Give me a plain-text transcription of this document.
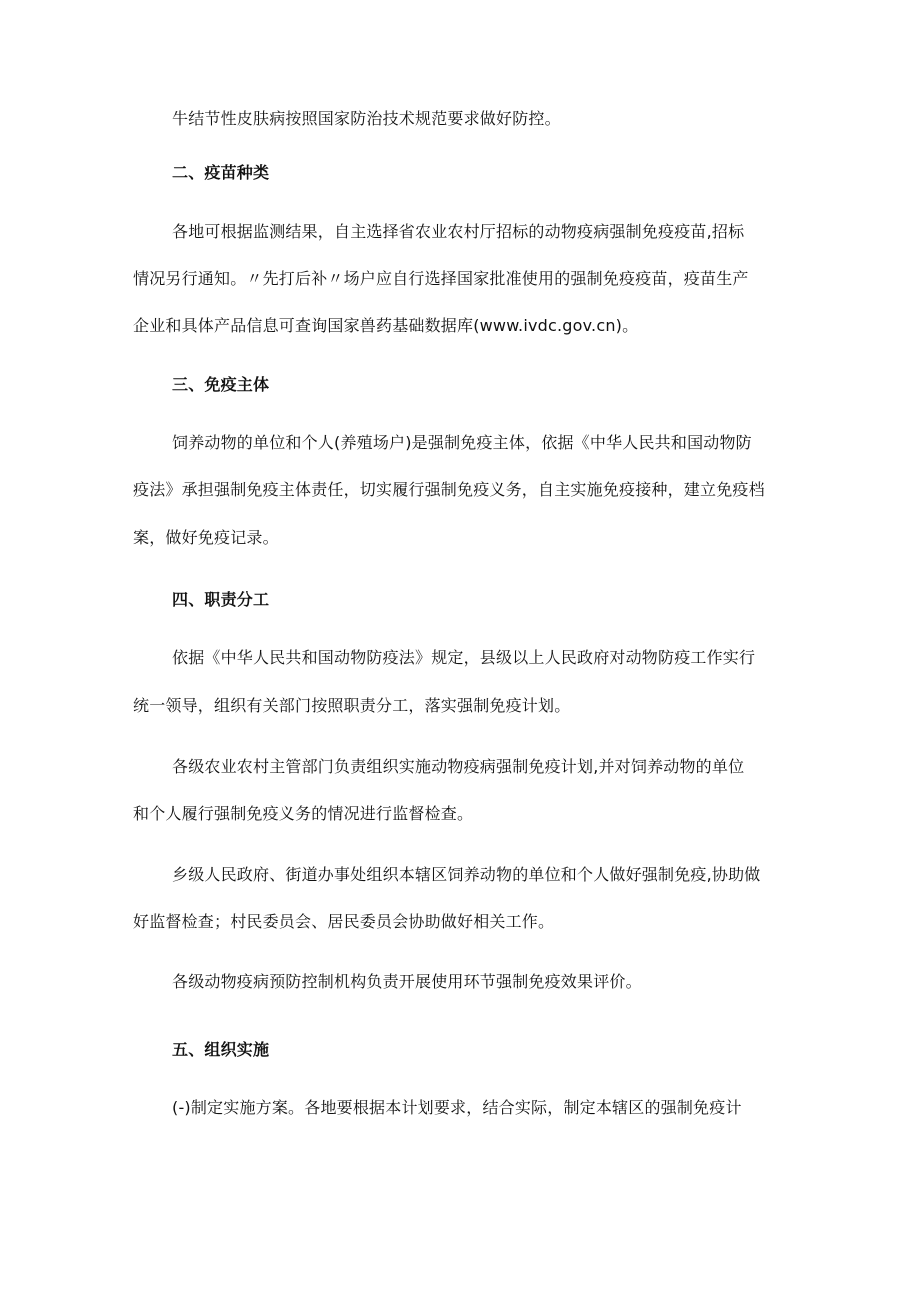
牛结节性皮肤病按照国家防治技术规范要求做好防控。
二、疫苗种类
各地可根据监测结果，自主选择省农业农村厅招标的动物疫病强制免疫疫苗,招标
情况另行通知。〃先打后补〃场户应自行选择国家批准使用的强制免疫疫苗，疫苗生产
企业和具体产品信息可查询国家兽药基础数据库(www.ivdc.gov.cn)。
三、免疫主体
饲养动物的单位和个人(养殖场户)是强制免疫主体，依据《中华人民共和国动物防
疫法》承担强制免疫主体责任，切实履行强制免疫义务，自主实施免疫接种，建立免疫档
案，做好免疫记录。
四、职责分工
依据《中华人民共和国动物防疫法》规定，县级以上人民政府对动物防疫工作实行
统一领导，组织有关部门按照职责分工，落实强制免疫计划。
各级农业农村主管部门负责组织实施动物疫病强制免疫计划,并对饲养动物的单位
和个人履行强制免疫义务的情况进行监督检查。
乡级人民政府、街道办事处组织本辖区饲养动物的单位和个人做好强制免疫,协助做
好监督检查；村民委员会、居民委员会协助做好相关工作。
各级动物疫病预防控制机构负责开展使用环节强制免疫效果评价。
五、组织实施
(-)制定实施方案。各地要根据本计划要求，结合实际，制定本辖区的强制免疫计
